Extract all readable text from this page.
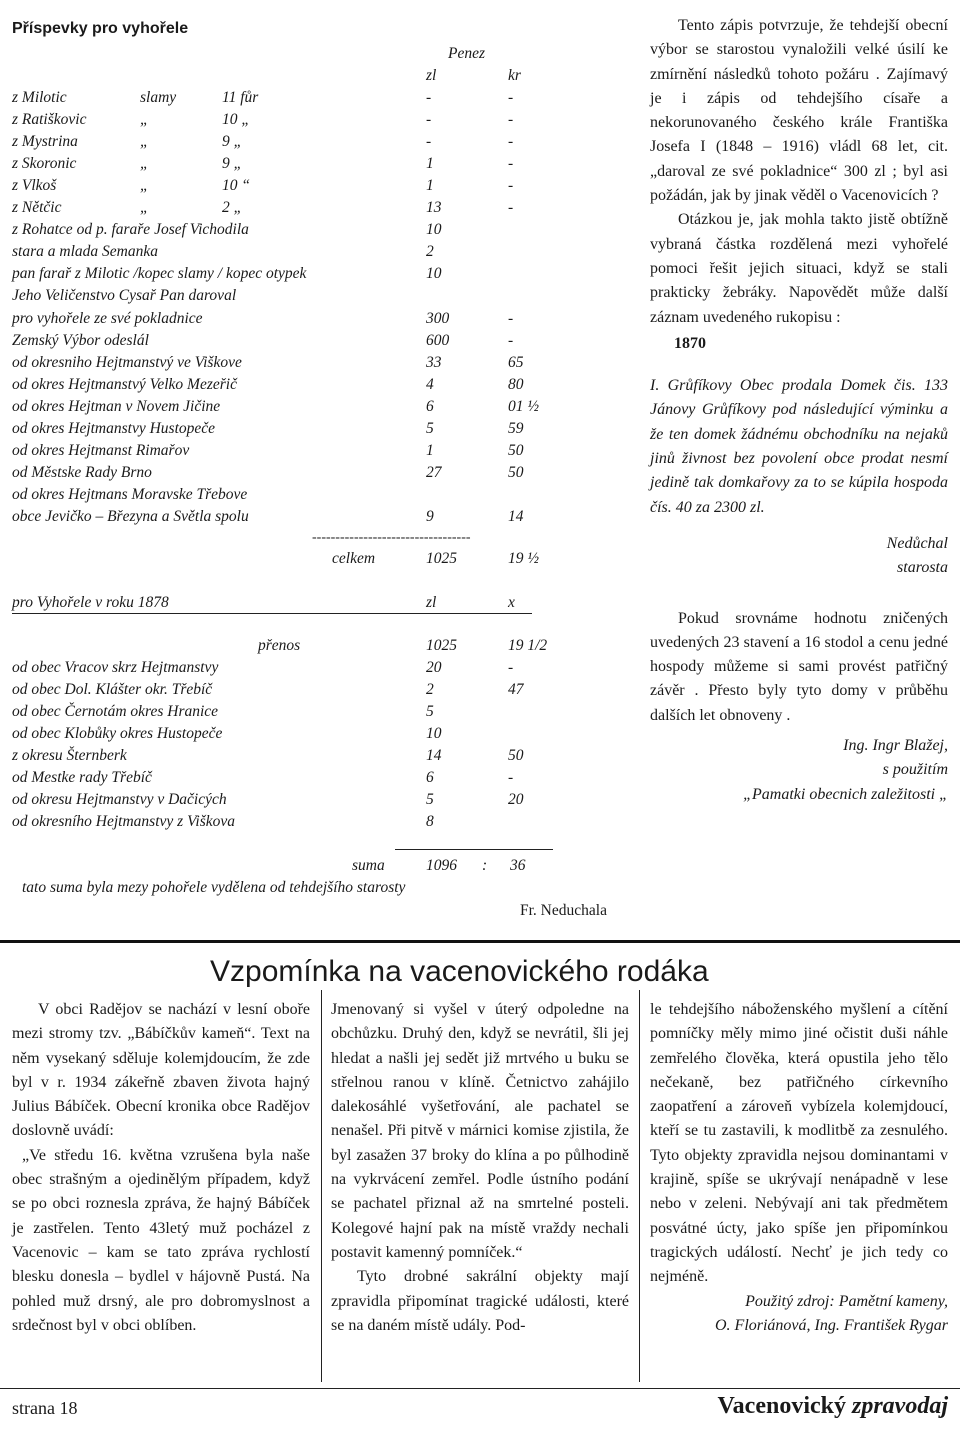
Příspevky pro vyhořele
Penez
zl	kr
z Milotic	slamy	11 fůr	-	-
z Ratiškovic	„	10 „	-	-
z Mystrina	„	9 „	-	-
z Skoronic	„	9 „	1	-
z Vlkoš	„	10 “	1	-
z Nětčic	„	2 „	13	-
z Rohatce od p. faraře Josef Vichodila	10
stara a mlada Semanka	2
pan farař z Milotic /kopec slamy / kopec otypek	10
Jeho Veličenstvo Cysař Pan daroval
pro vyhořele ze své pokladnice	300	-
Zemský Výbor odeslál	600	-
od okresniho Hejtmanstvý ve Viškove	33	65
od okres Hejtmanstvý Velko Mezeřič	4	80
od okres Hejtman v Novem Jičine	6	01 ½
od okres Hejtmanstvy Hustopeče	5	59
od okres Hejtmanst Rimařov	1	50
od Městske Rady Brno	27	50
od okres Hejtmans Moravske Třebove
obce Jevičko – Březyna a Světla spolu	9	14
----------------------------------
celkem	1025	19 ½
pro Vyhořele v roku 1878	zl	x
přenos	1025	19 1/2
od obec Vracov skrz Hejtmanstvy	20	-
od obec Dol. Klášter okr. Třebíč	2	47
od obec Černotám okres Hranice	5
od obec Klobůky okres Hustopeče	10
z okresu Šternberk	14	50
od Mestke rady Třebíč	6	-
od okresu Hejtmanstvy v Dačicých	5	20
od okresního Hejtmanstvy z Viškova	8
suma	1096 : 36
tato suma byla mezy pohořele vydělena od tehdejšího starosty
Fr. Neduchala

Tento zápis potvrzuje, že tehdejší obecní výbor se starostou vynaložili velké úsilí ke zmírnění následků tohoto požáru . Zajímavý je i zápis od tehdejšího císaře a nekorunovaného českého krále Františka Josefa I (1848 – 1916) vládl 68 let, cit. „daroval ze své pokladnice“ 300 zl ; byl asi požádán, jak by jinak věděl o Vacenovicích ?

Otázkou je, jak mohla takto jistě obtížně vybraná částka rozdělená mezi vyhořelé pomoci řešit jejich situaci, když se stali prakticky žebráky. Napovědět může další záznam uvedeného rukopisu :

1870

I. Grůfíkovy Obec prodala Domek čis. 133 Jánovy Grůfíkovy pod následující výminku a že ten domek žádnému obchodníku na nejaků jinů živnost bez povolení obce prodat nesmí jedině tak domkařovy za to se kúpila hospoda čís. 40 za 2300 zl.

Nedůchal

starosta

Pokud srovnáme hodnotu zničených uvedených 23 stavení a 16 stodol a cenu jedné hospody můžeme si sami provést patřičný závěr . Přesto byly tyto domy v průběhu dalších let obnoveny .

Ing. Ingr Blažej,

s použitím

„Pamatki obecnich zaležitosti „

Vzpomínka na vacenovického rodáka

V obci Radějov se nachází v lesní oboře mezi stromy tzv. „Bábíčkův kameň“. Text na něm vysekaný sděluje kolemjdoucím, že zde byl v r. 1934 zákeřně zbaven života hajný Julius Bábíček. Obecní kronika obce Radějov doslovně uvádí:

„Ve středu 16. května vzrušena byla naše obec strašným a ojedinělým případem, když se po obci roznesla zpráva, že hajný Bábíček je zastřelen. Tento 43letý muž pocházel z Vacenovic – kam se tato zpráva rychlostí blesku donesla – bydlel v hájovně Pustá. Na pohled muž drsný, ale pro dobromyslnost a srdečnost byl v obci oblíben.

Jmenovaný si vyšel v úterý odpoledne na obchůzku. Druhý den, když se nevrátil, šli jej hledat a našli jej sedět již mrtvého u buku se střelnou ranou v klíně. Četnictvo zahájilo dalekosáhlé vyšetřování, ale pachatel se nenašel. Při pitvě v márnici komise zjistila, že byl zasažen 37 broky do klína a po půlhodině na vykrvácení zemřel. Podle ústního podání se pachatel přiznal až na smrtelné posteli. Kolegové hajní pak na místě vraždy nechali postavit kamenný pomníček.“

Tyto drobné sakrální objekty mají zpravidla připomínat tragické události, které se na daném místě udály. Pod-

le tehdejšího náboženského myšlení a cítění pomníčky měly mimo jiné očistit duši náhle zemřelého člověka, která opustila jeho tělo nečekaně, bez patřičného církevního zaopatření a zároveň vybízela kolemjdoucí, kteří se tu zastavili, k modlitbě za zesnulého. Tyto objekty zpravidla nejsou dominantami v krajině, spíše se ukrývají nenápadně v lese nebo v zeleni. Nebývají ani tak předmětem posvátné úcty, jako spíše jen připomínkou tragických událostí. Nechť je jich tedy co nejméně.

Použitý zdroj: Pamětní kameny,

O. Floriánová, Ing. František Rygar

strana 18	Vacenovický zpravodaj
